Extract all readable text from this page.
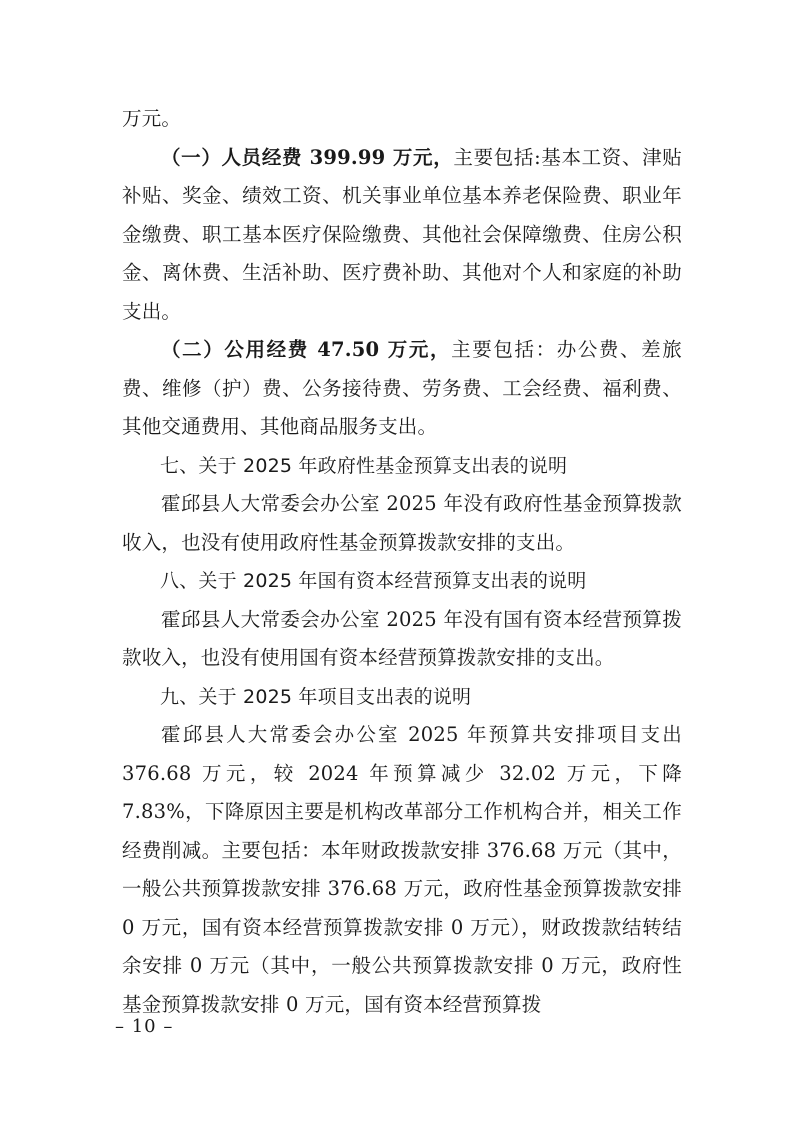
万元。

（一）人员经费 399.99 万元，主要包括:基本工资、津贴补贴、奖金、绩效工资、机关事业单位基本养老保险费、职业年金缴费、职工基本医疗保险缴费、其他社会保障缴费、住房公积金、离休费、生活补助、医疗费补助、其他对个人和家庭的补助支出。

（二）公用经费 47.50 万元，主要包括：办公费、差旅费、维修（护）费、公务接待费、劳务费、工会经费、福利费、其他交通费用、其他商品服务支出。

七、关于 2025 年政府性基金预算支出表的说明

霍邱县人大常委会办公室 2025 年没有政府性基金预算拨款收入，也没有使用政府性基金预算拨款安排的支出。

八、关于 2025 年国有资本经营预算支出表的说明

霍邱县人大常委会办公室 2025 年没有国有资本经营预算拨款收入，也没有使用国有资本经营预算拨款安排的支出。

九、关于 2025 年项目支出表的说明

霍邱县人大常委会办公室 2025 年预算共安排项目支出 376.68 万元，较 2024 年预算减少 32.02 万元，下降 7.83%，下降原因主要是机构改革部分工作机构合并，相关工作经费削减。主要包括：本年财政拨款安排 376.68 万元（其中，一般公共预算拨款安排 376.68 万元，政府性基金预算拨款安排 0 万元，国有资本经营预算拨款安排 0 万元），财政拨款结转结余安排 0 万元（其中，一般公共预算拨款安排 0 万元，政府性基金预算拨款安排 0 万元，国有资本经营预算拨

– 10 –
